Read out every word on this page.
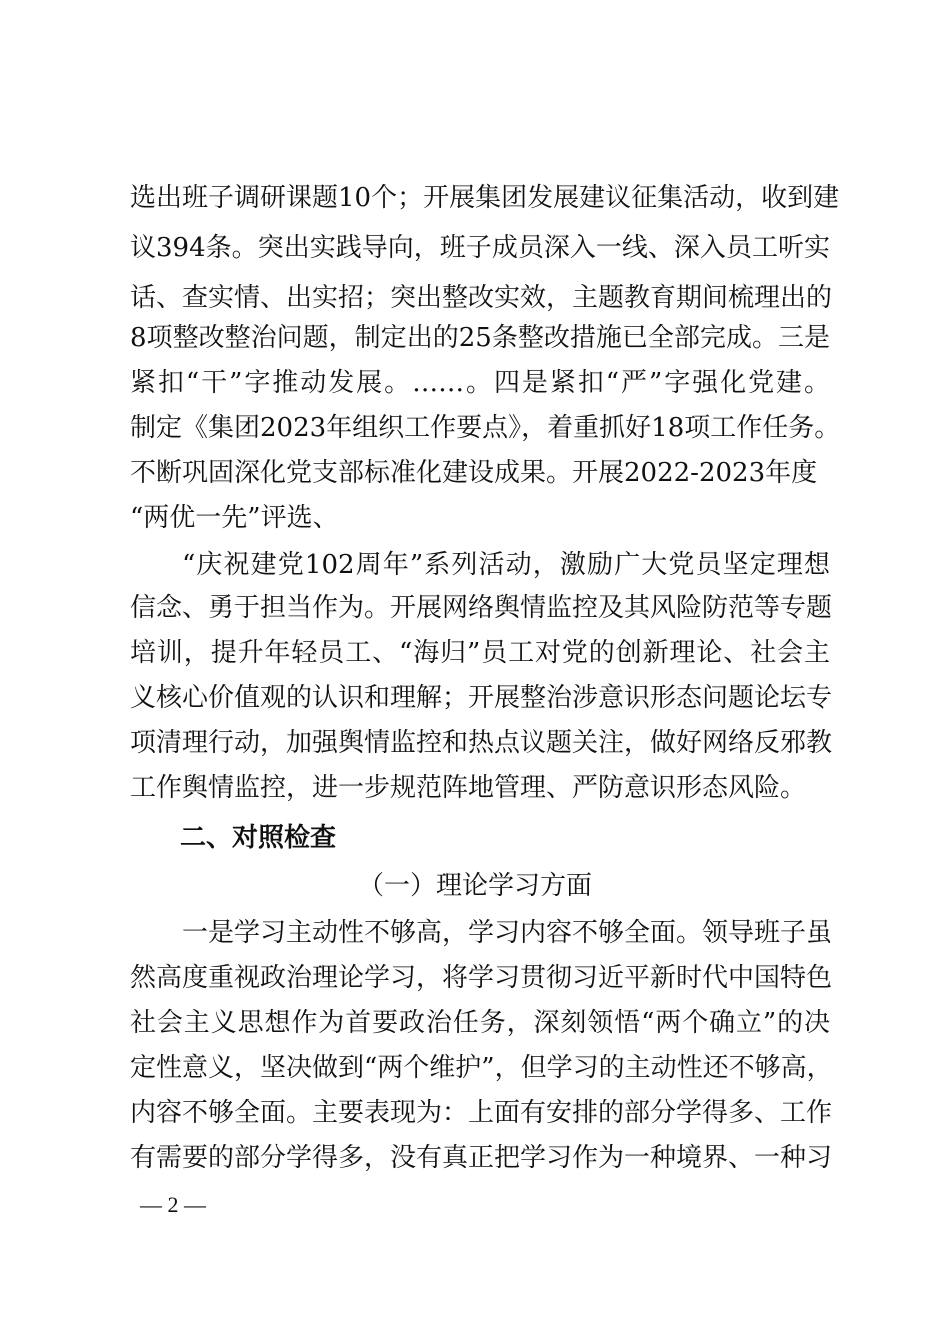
选出班子调研课题10个；开展集团发展建议征集活动，收到建
议394条。突出实践导向，班子成员深入一线、深入员工听实
话、查实情、出实招；突出整改实效，主题教育期间梳理出的
8项整改整治问题，制定出的25条整改措施已全部完成。三是
紧扣“干”字推动发展。……。四是紧扣“严”字强化党建。
制定《集团2023年组织工作要点》，着重抓好18项工作任务。
不断巩固深化党支部标准化建设成果。开展2022-2023年度
“两优一先”评选、
“庆祝建党102周年”系列活动，激励广大党员坚定理想
信念、勇于担当作为。开展网络舆情监控及其风险防范等专题
培训，提升年轻员工、“海归”员工对党的创新理论、社会主
义核心价值观的认识和理解；开展整治涉意识形态问题论坛专
项清理行动，加强舆情监控和热点议题关注，做好网络反邪教
工作舆情监控，进一步规范阵地管理、严防意识形态风险。
二、对照检查
（一）理论学习方面
一是学习主动性不够高，学习内容不够全面。领导班子虽
然高度重视政治理论学习，将学习贯彻习近平新时代中国特色
社会主义思想作为首要政治任务，深刻领悟“两个确立”的决
定性意义，坚决做到“两个维护”，但学习的主动性还不够高，
内容不够全面。主要表现为：上面有安排的部分学得多、工作
有需要的部分学得多，没有真正把学习作为一种境界、一种习
— 2 —
